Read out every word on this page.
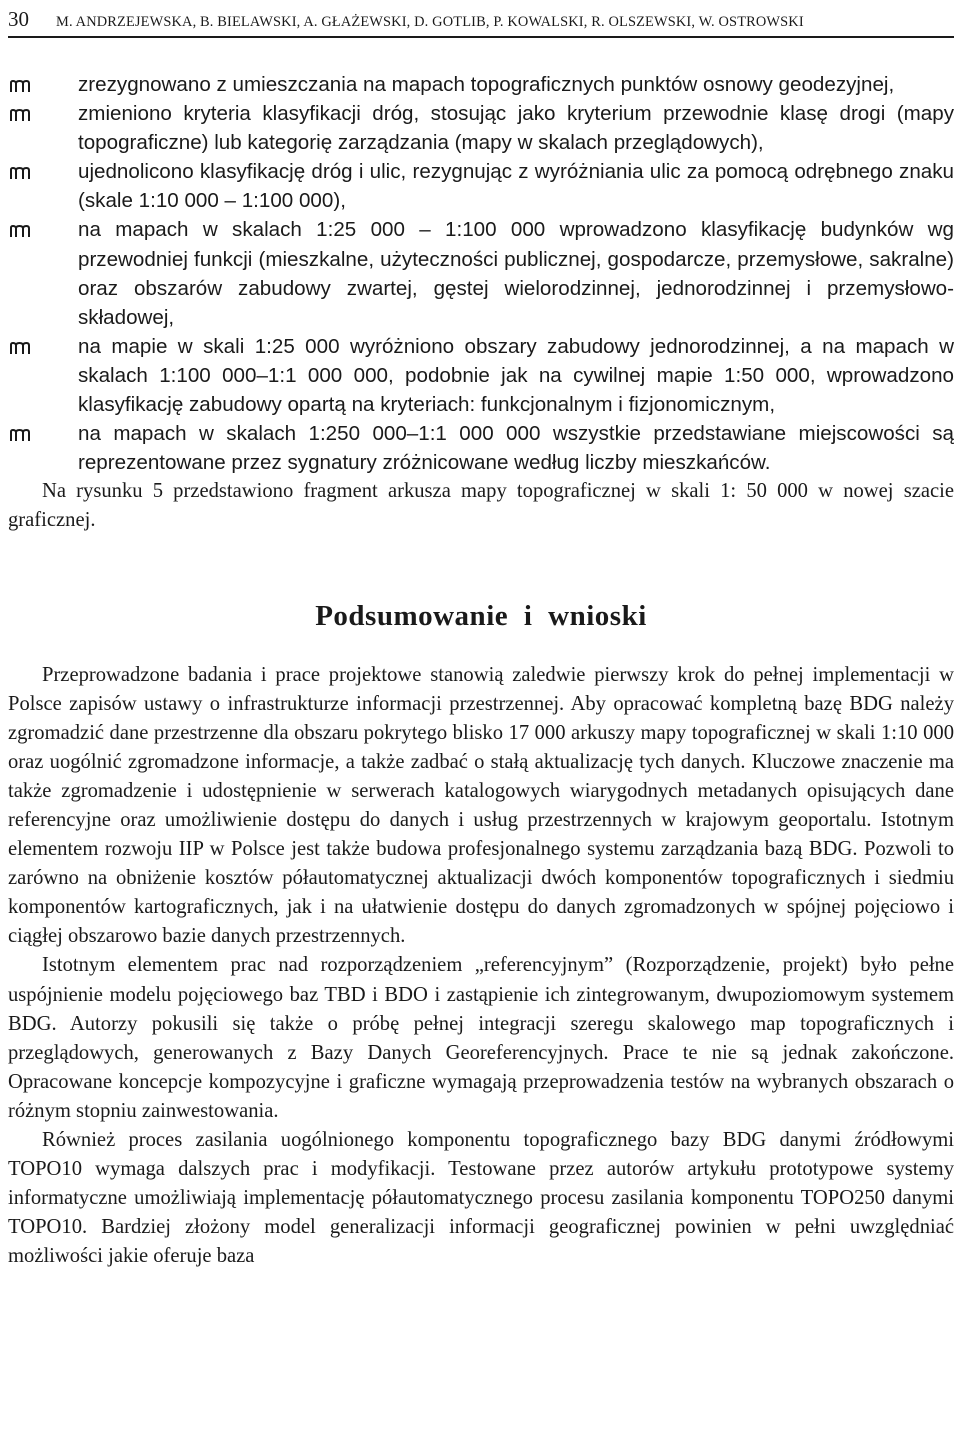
30	M. ANDRZEJEWSKA, B. BIELAWSKI, A. GŁAŻEWSKI, D. GOTLIB, P. KOWALSKI, R. OLSZEWSKI, W. OSTROWSKI
zrezygnowano z umieszczania na mapach topograficznych punktów osnowy geodezyjnej,
zmieniono kryteria klasyfikacji dróg, stosując jako kryterium przewodnie klasę drogi (mapy topograficzne) lub kategorię zarządzania (mapy w skalach przeglądowych),
ujednolicono klasyfikację dróg i ulic, rezygnując z wyróżniania ulic za pomocą odrębnego znaku (skale 1:10 000 – 1:100 000),
na mapach w skalach 1:25 000 – 1:100 000 wprowadzono klasyfikację budynków wg przewodniej funkcji (mieszkalne, użyteczności publicznej, gospodarcze, przemysłowe, sakralne) oraz obszarów zabudowy zwartej, gęstej wielorodzinnej, jednorodzinnej i przemysłowo-składowej,
na mapie w skali 1:25 000 wyróżniono obszary zabudowy jednorodzinnej, a na mapach w skalach 1:100 000–1:1 000 000, podobnie jak na cywilnej mapie 1:50 000, wprowadzono klasyfikację zabudowy opartą na kryteriach: funkcjonalnym i fizjonomicznym,
na mapach w skalach 1:250 000–1:1 000 000 wszystkie przedstawiane miejscowości są reprezentowane przez sygnatury zróżnicowane według liczby mieszkańców.

Na rysunku 5 przedstawiono fragment arkusza mapy topograficznej w skali 1: 50 000 w nowej szacie graficznej.

Podsumowanie i wnioski

Przeprowadzone badania i prace projektowe stanowią zaledwie pierwszy krok do pełnej implementacji w Polsce zapisów ustawy o infrastrukturze informacji przestrzennej. Aby opracować kompletną bazę BDG należy zgromadzić dane przestrzenne dla obszaru pokrytego blisko 17 000 arkuszy mapy topograficznej w skali 1:10 000 oraz uogólnić zgromadzone informacje, a także zadbać o stałą aktualizację tych danych. Kluczowe znaczenie ma także zgromadzenie i udostępnienie w serwerach katalogowych wiarygodnych metadanych opisujących dane referencyjne oraz umożliwienie dostępu do danych i usług przestrzennych w krajowym geoportalu. Istotnym elementem rozwoju IIP w Polsce jest także budowa profesjonalnego systemu zarządzania bazą BDG. Pozwoli to zarówno na obniżenie kosztów półautomatycznej aktualizacji dwóch komponentów topograficznych i siedmiu komponentów kartograficznych, jak i na ułatwienie dostępu do danych zgromadzonych w spójnej pojęciowo i ciągłej obszarowo bazie danych przestrzennych.

Istotnym elementem prac nad rozporządzeniem „referencyjnym” (Rozporządzenie, projekt) było pełne uspójnienie modelu pojęciowego baz TBD i BDO i zastąpienie ich zintegrowanym, dwupoziomowym systemem BDG. Autorzy pokusili się także o próbę pełnej integracji szeregu skalowego map topograficznych i przeglądowych, generowanych z Bazy Danych Georeferencyjnych. Prace te nie są jednak zakończone. Opracowane koncepcje kompozycyjne i graficzne wymagają przeprowadzenia testów na wybranych obszarach o różnym stopniu zainwestowania.

Również proces zasilania uogólnionego komponentu topograficznego bazy BDG danymi źródłowymi TOPO10 wymaga dalszych prac i modyfikacji. Testowane przez autorów artykułu prototypowe systemy informatyczne umożliwiają implementację półautomatycznego procesu zasilania komponentu TOPO250 danymi TOPO10. Bardziej złożony model generalizacji informacji geograficznej powinien w pełni uwzględniać możliwości jakie oferuje baza
